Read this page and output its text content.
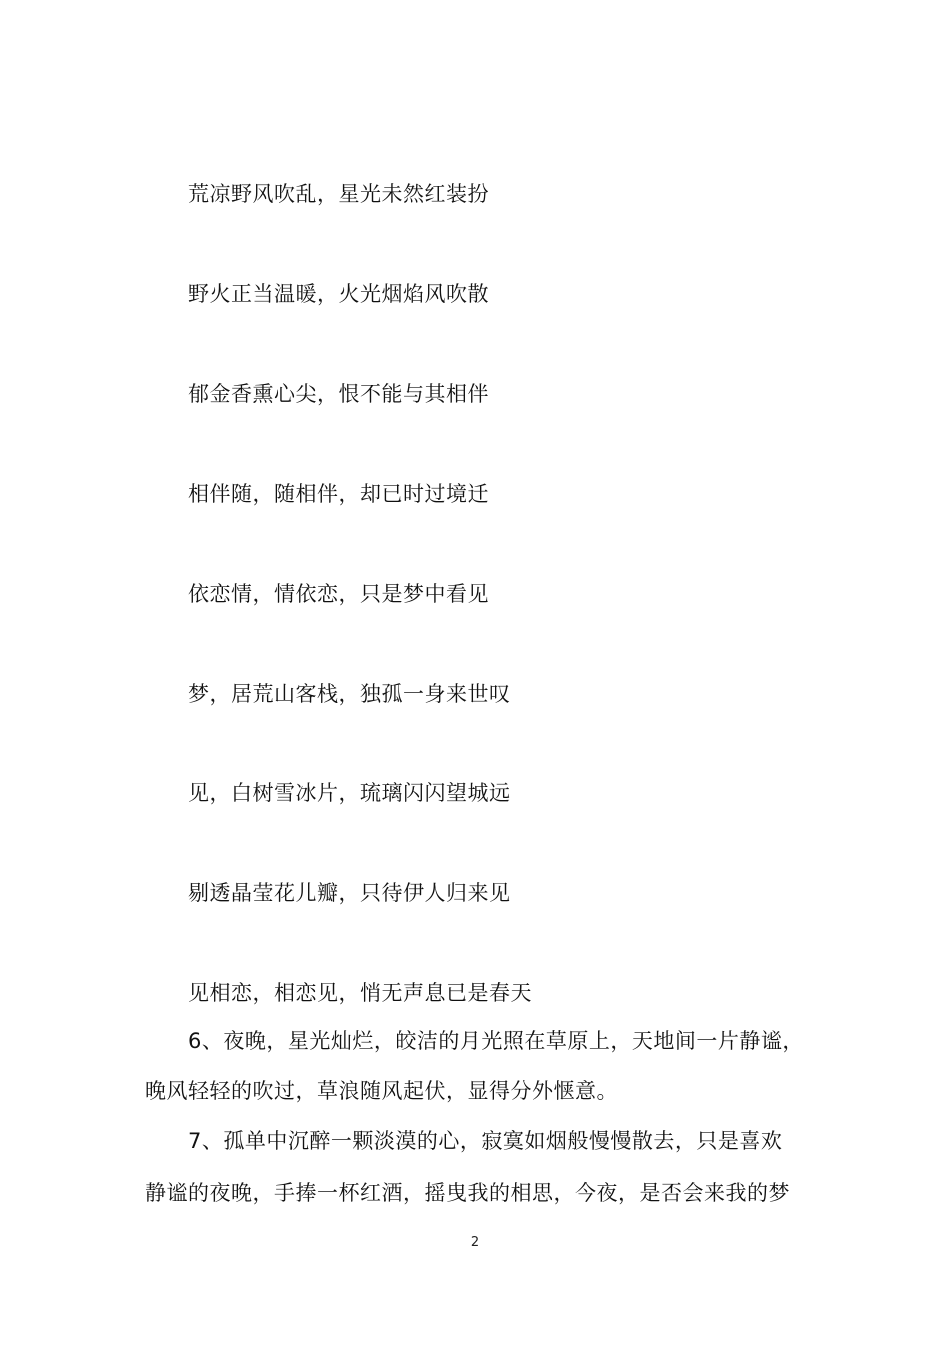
荒凉野风吹乱，星光未然红装扮
野火正当温暖，火光烟焰风吹散
郁金香熏心尖，恨不能与其相伴
相伴随，随相伴，却已时过境迁
依恋情，情依恋，只是梦中看见
梦，居荒山客栈，独孤一身来世叹
见，白树雪冰片，琉璃闪闪望城远
剔透晶莹花儿瓣，只待伊人归来见
见相恋，相恋见，悄无声息已是春天
6、夜晚，星光灿烂，皎洁的月光照在草原上，天地间一片静谧，
晚风轻轻的吹过，草浪随风起伏，显得分外惬意。
7、孤单中沉醉一颗淡漠的心，寂寞如烟般慢慢散去，只是喜欢
静谧的夜晚，手捧一杯红酒，摇曳我的相思，今夜，是否会来我的梦
2
